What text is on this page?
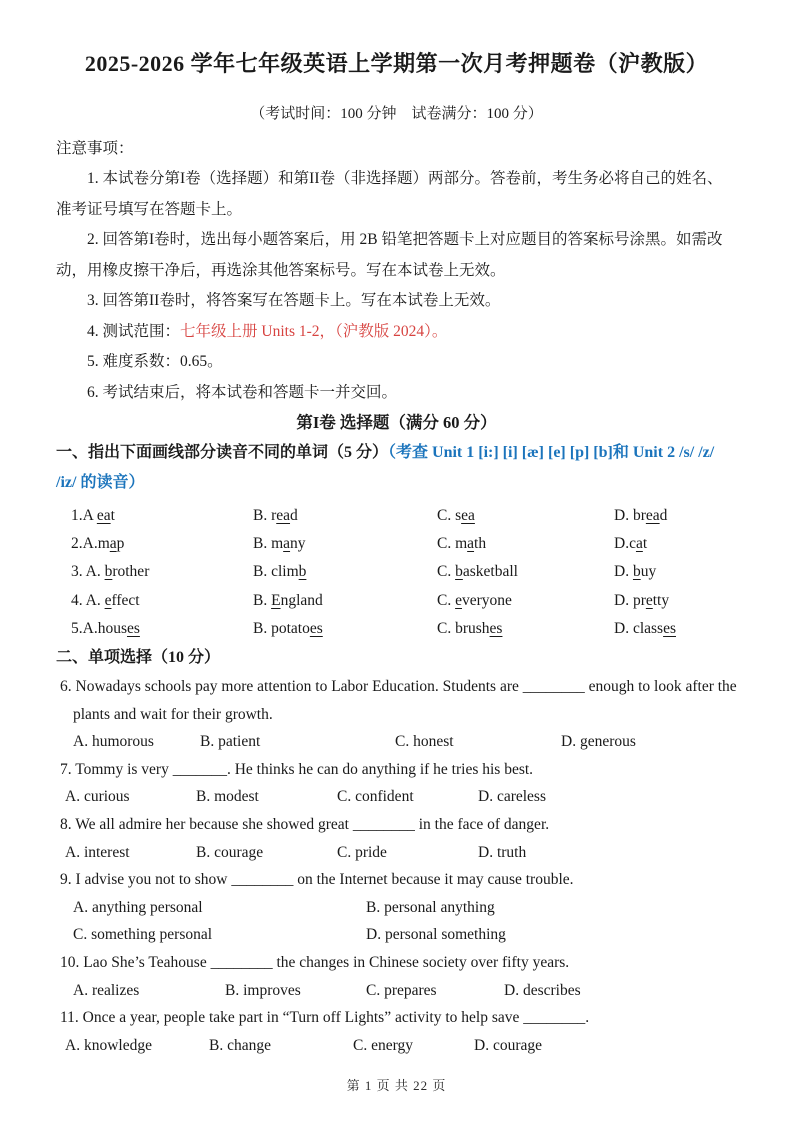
2025-2026 学年七年级英语上学期第一次月考押题卷（沪教版）

（考试时间：100 分钟　试卷满分：100 分）

注意事项：

1. 本试卷分第I卷（选择题）和第II卷（非选择题）两部分。答卷前，考生务必将自己的姓名、准考证号填写在答题卡上。

2. 回答第I卷时，选出每小题答案后，用 2B 铅笔把答题卡上对应题目的答案标号涂黑。如需改动，用橡皮擦干净后，再选涂其他答案标号。写在本试卷上无效。

3. 回答第II卷时，将答案写在答题卡上。写在本试卷上无效。

4. 测试范围：七年级上册 Units 1-2，（沪教版 2024）。

5. 难度系数：0.65。

6. 考试结束后，将本试卷和答题卡一并交回。

第I卷 选择题（满分 60 分）

一、指出下面画线部分读音不同的单词（5 分）（考查 Unit 1 [i:] [i] [æ] [e] [p] [b]和 Unit 2 /s/ /z/ /iz/ 的读音）

1.A eat	B. read	C. sea	D. bread
2.A.map	B. many	C. math	D.cat
3. A. brother	B. climb	C. basketball	D. buy
4. A. effect	B. England	C. everyone	D. pretty
5.A.houses	B. potatoes	C. brushes	D. classes

二、单项选择（10 分）

6. Nowadays schools pay more attention to Labor Education. Students are ________ enough to look after the plants and wait for their growth.

A. humorous	B. patient	C. honest	D. generous

7. Tommy is very _______. He thinks he can do anything if he tries his best.

A. curious	B. modest	C. confident	D. careless

8. We all admire her because she showed great ________ in the face of danger.

A. interest	B. courage	C. pride	D. truth

9. I advise you not to show ________ on the Internet because it may cause trouble.

A. anything personal	B. personal anything
C. something personal	D. personal something

10. Lao She’s Teahouse ________ the changes in Chinese society over fifty years.

A. realizes	B. improves	C. prepares	D. describes

11. Once a year, people take part in “Turn off Lights” activity to help save ________.

A. knowledge	B. change	C. energy	D. courage
第 1 页 共 22 页
